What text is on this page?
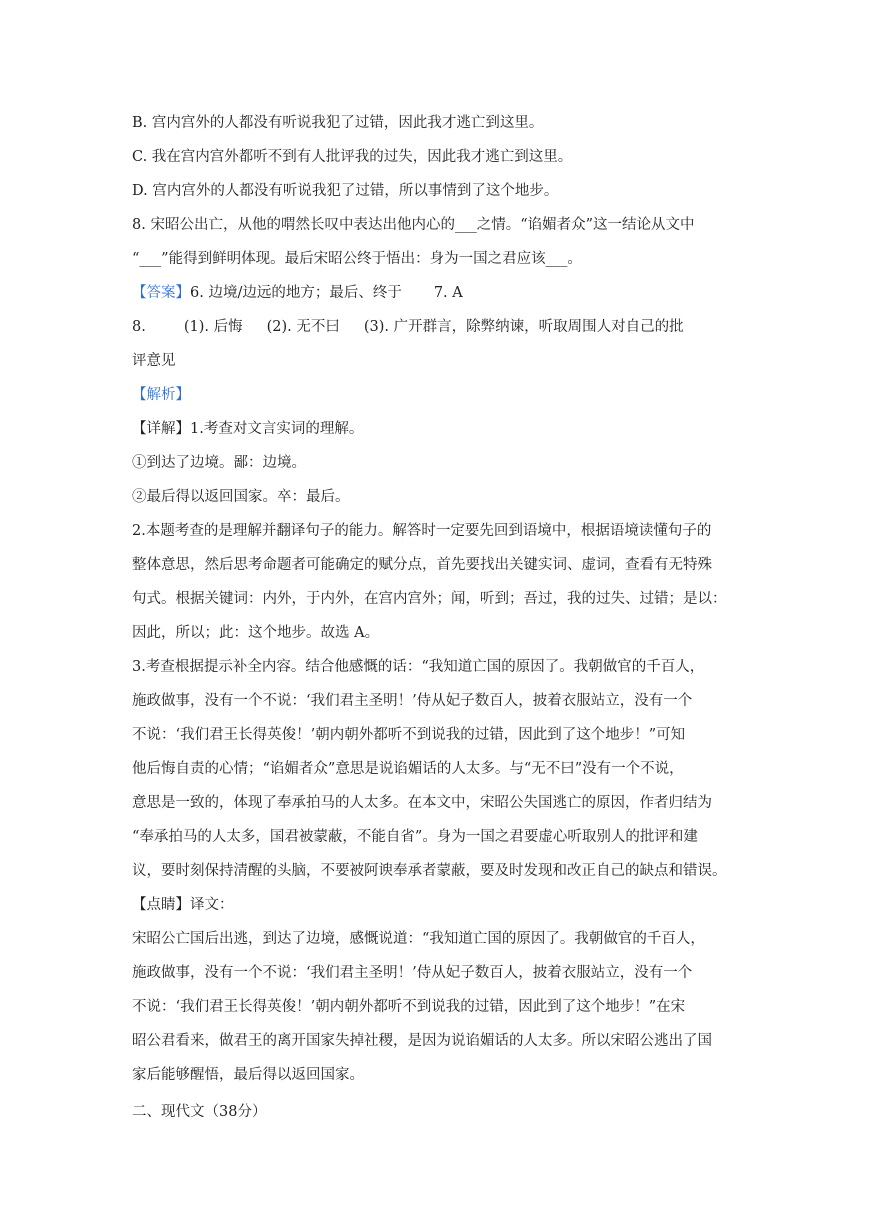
B. 宫内宫外的人都没有听说我犯了过错，因此我才逃亡到这里。
C. 我在宫内宫外都听不到有人批评我的过失，因此我才逃亡到这里。
D. 宫内宫外的人都没有听说我犯了过错，所以事情到了这个地步。
8. 宋昭公出亡，从他的喟然长叹中表达出他内心的___之情。“谄媚者众”这一结论从文中
“___”能得到鲜明体现。最后宋昭公终于悟出：身为一国之君应该___。
【答案】6. 边境/边远的地方；最后、终于 7. A
8.	(1). 后悔 (2). 无不曰 (3). 广开群言，除弊纳谏，听取周围人对自己的批
评意见
【解析】
【详解】1.考查对文言实词的理解。
①到达了边境。鄙：边境。
②最后得以返回国家。卒：最后。
2.本题考查的是理解并翻译句子的能力。解答时一定要先回到语境中，根据语境读懂句子的
整体意思，然后思考命题者可能确定的赋分点，首先要找出关键实词、虚词，查看有无特殊
句式。根据关键词：内外，于内外，在宫内宫外；闻，听到；吾过，我的过失、过错；是以：
因此，所以；此：这个地步。故选 A。
3.考查根据提示补全内容。结合他感慨的话：“我知道亡国的原因了。我朝做官的千百人，
施政做事，没有一个不说：‘我们君主圣明！’侍从妃子数百人，披着衣服站立，没有一个
不说：‘我们君王长得英俊！’朝内朝外都听不到说我的过错，因此到了这个地步！”可知
他后悔自责的心情；“谄媚者众”意思是说谄媚话的人太多。与“无不曰”没有一个不说，
意思是一致的，体现了奉承拍马的人太多。在本文中，宋昭公失国逃亡的原因，作者归结为
“奉承拍马的人太多，国君被蒙蔽，不能自省”。身为一国之君要虚心听取别人的批评和建
议，要时刻保持清醒的头脑，不要被阿谀奉承者蒙蔽，要及时发现和改正自己的缺点和错误。
【点睛】译文：
宋昭公亡国后出逃，到达了边境，感慨说道：“我知道亡国的原因了。我朝做官的千百人，
施政做事，没有一个不说：‘我们君主圣明！’侍从妃子数百人，披着衣服站立，没有一个
不说：‘我们君王长得英俊！’朝内朝外都听不到说我的过错，因此到了这个地步！”在宋
昭公君看来，做君王的离开国家失掉社稷，是因为说谄媚话的人太多。所以宋昭公逃出了国
家后能够醒悟，最后得以返回国家。
二、现代文（38分）
